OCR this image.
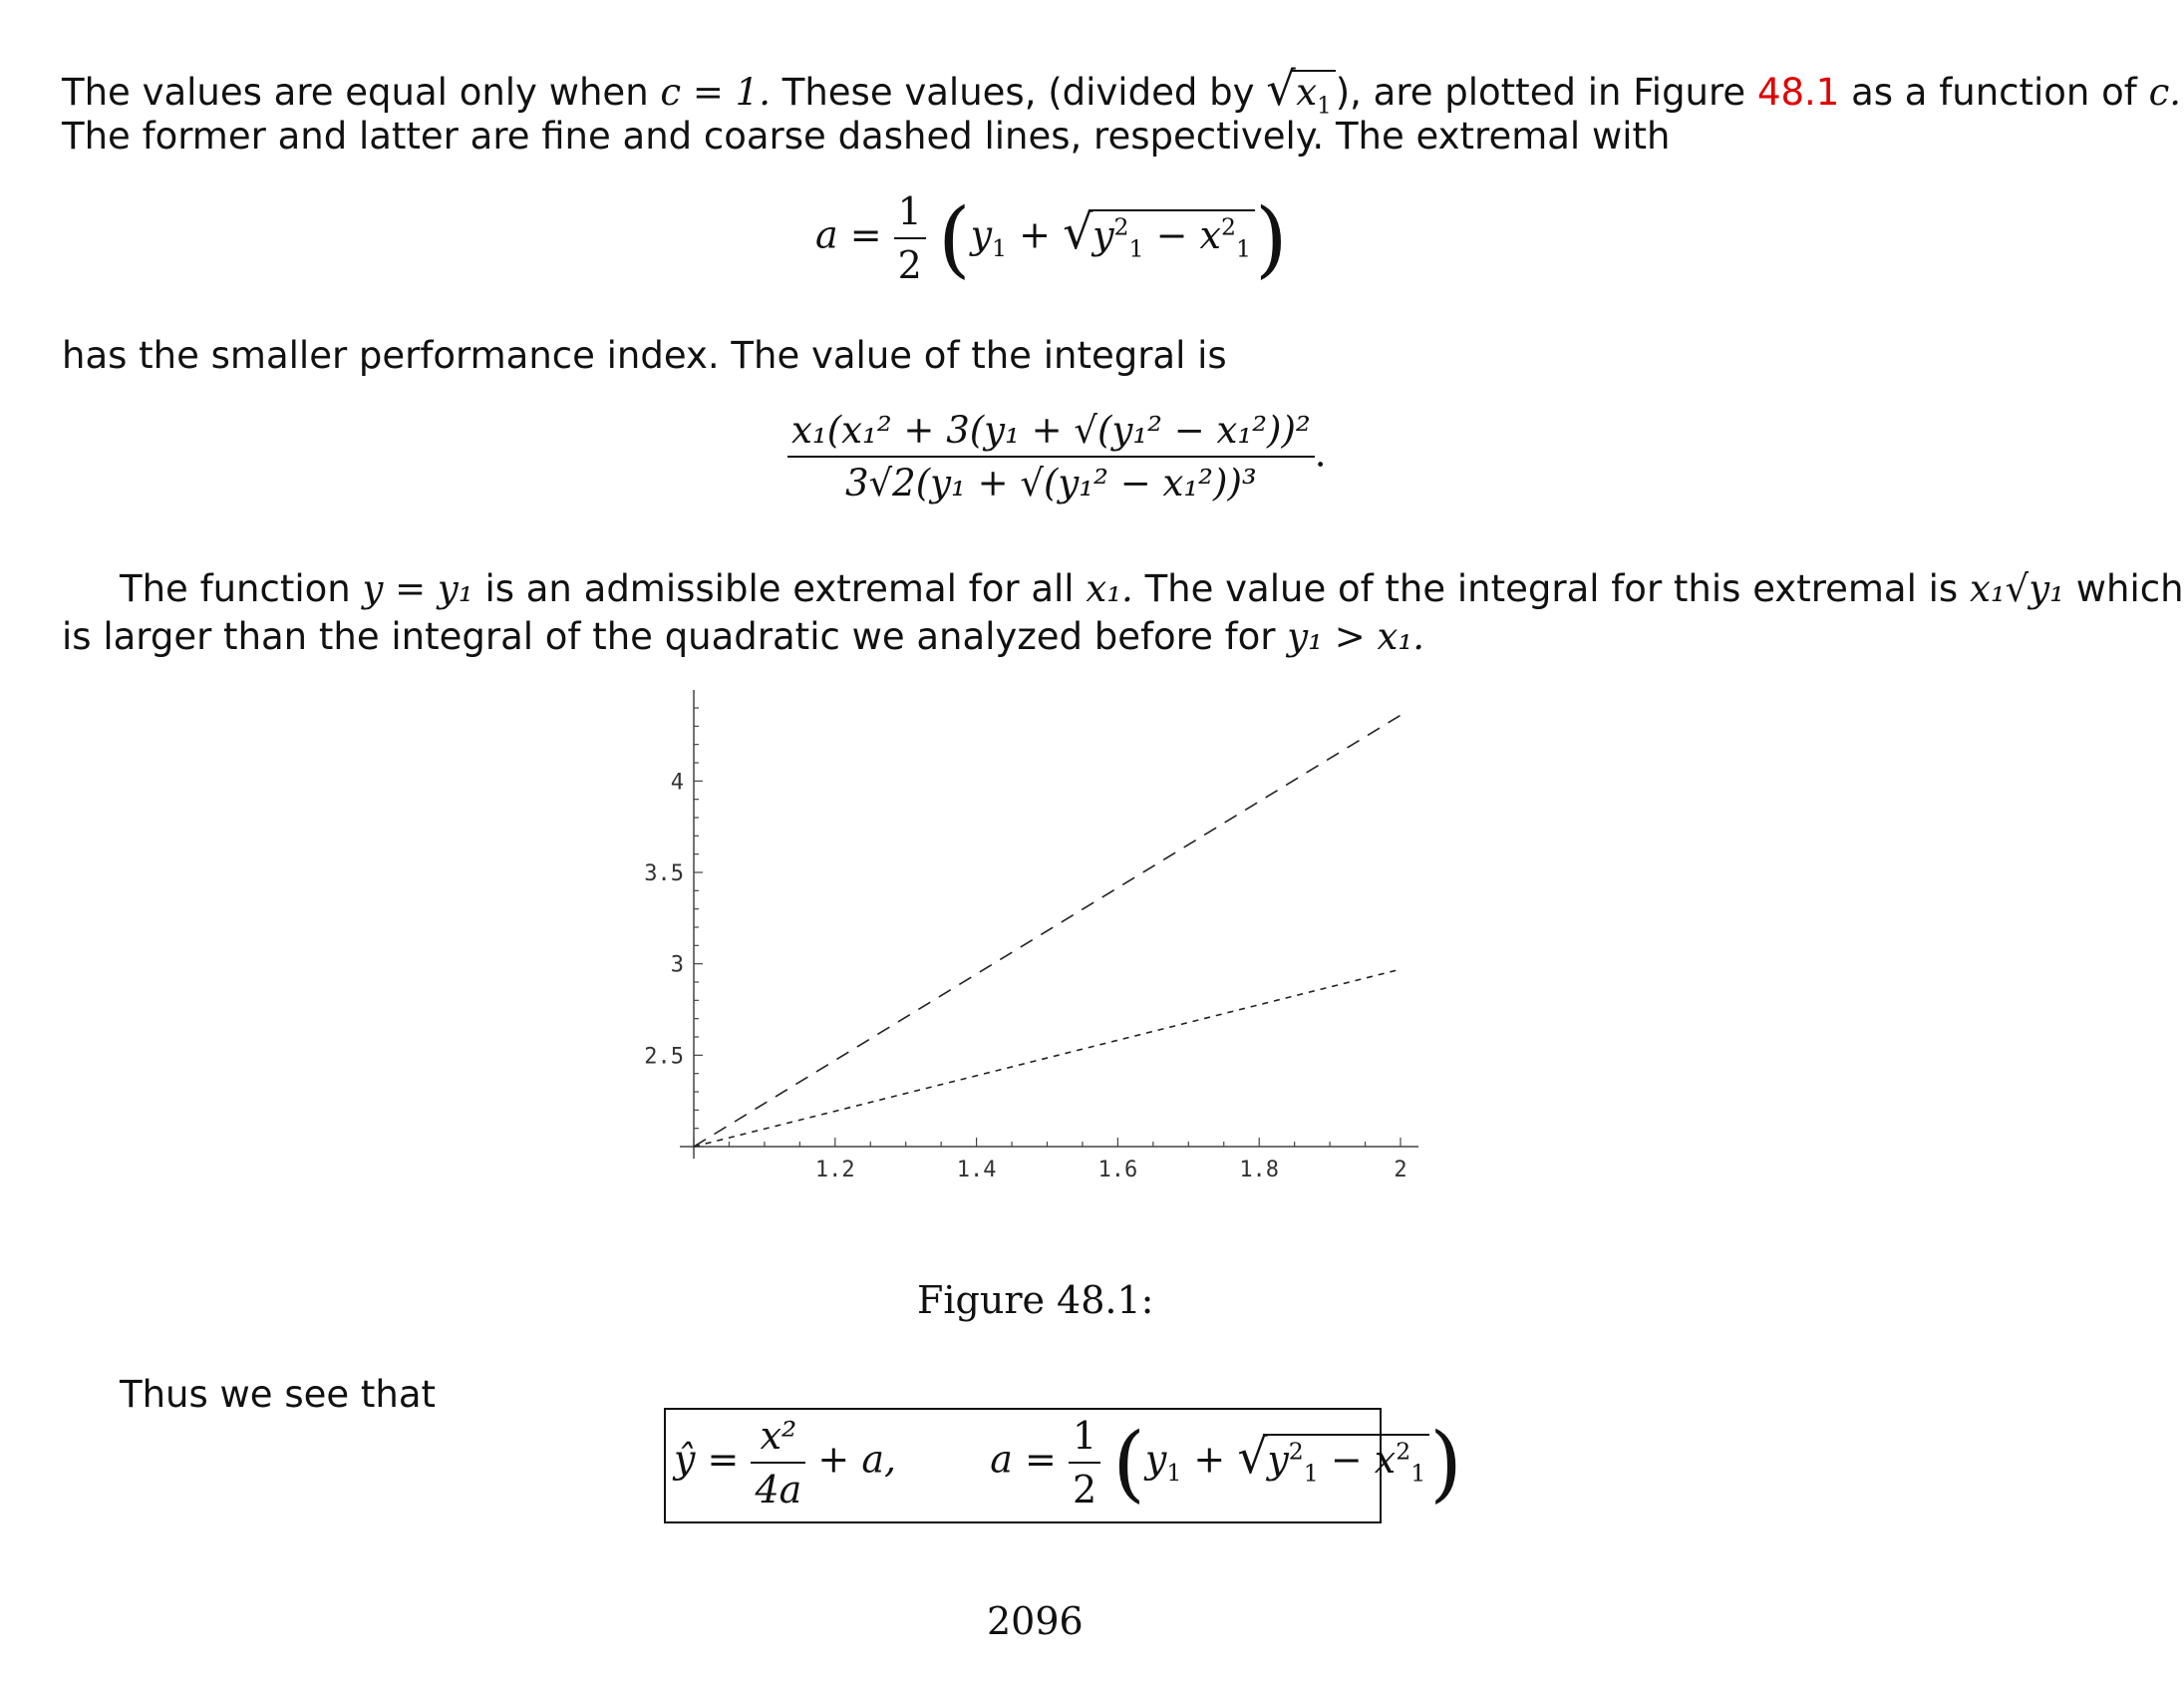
The values are equal only when c = 1. These values, (divided by √ $x_1$ ), are plotted in Figure 48.1 as a function of c.
The former and latter are fine and coarse dashed lines, respectively. The extremal with
$a = \frac{1}{2} (y_1$ + √ $y^2_1 - x^2_1$)
has the smaller performance index. The value of the integral is
$\frac{\text{x₁(x₁² + 3(y₁ + √(y₁² − x₁²))²}}{\text{3√2(y₁ + √(y₁² − x₁²))³}}$ .
The function y = y₁ is an admissible extremal for all x₁. The value of the integral for this extremal is x₁√y₁ which
is larger than the integral of the quadratic we analyzed before for y₁ > x₁.
1.2	1.4	1.6	1.8	2
2.5
3
3.5
4
Figure 48.1:
Thus we see that
ŷ = $\frac{\text{x²}}{4a} + a$, $a = \frac{1}{2} (y_1$ + √ $y^2_1 - x^2_1$)
2096
